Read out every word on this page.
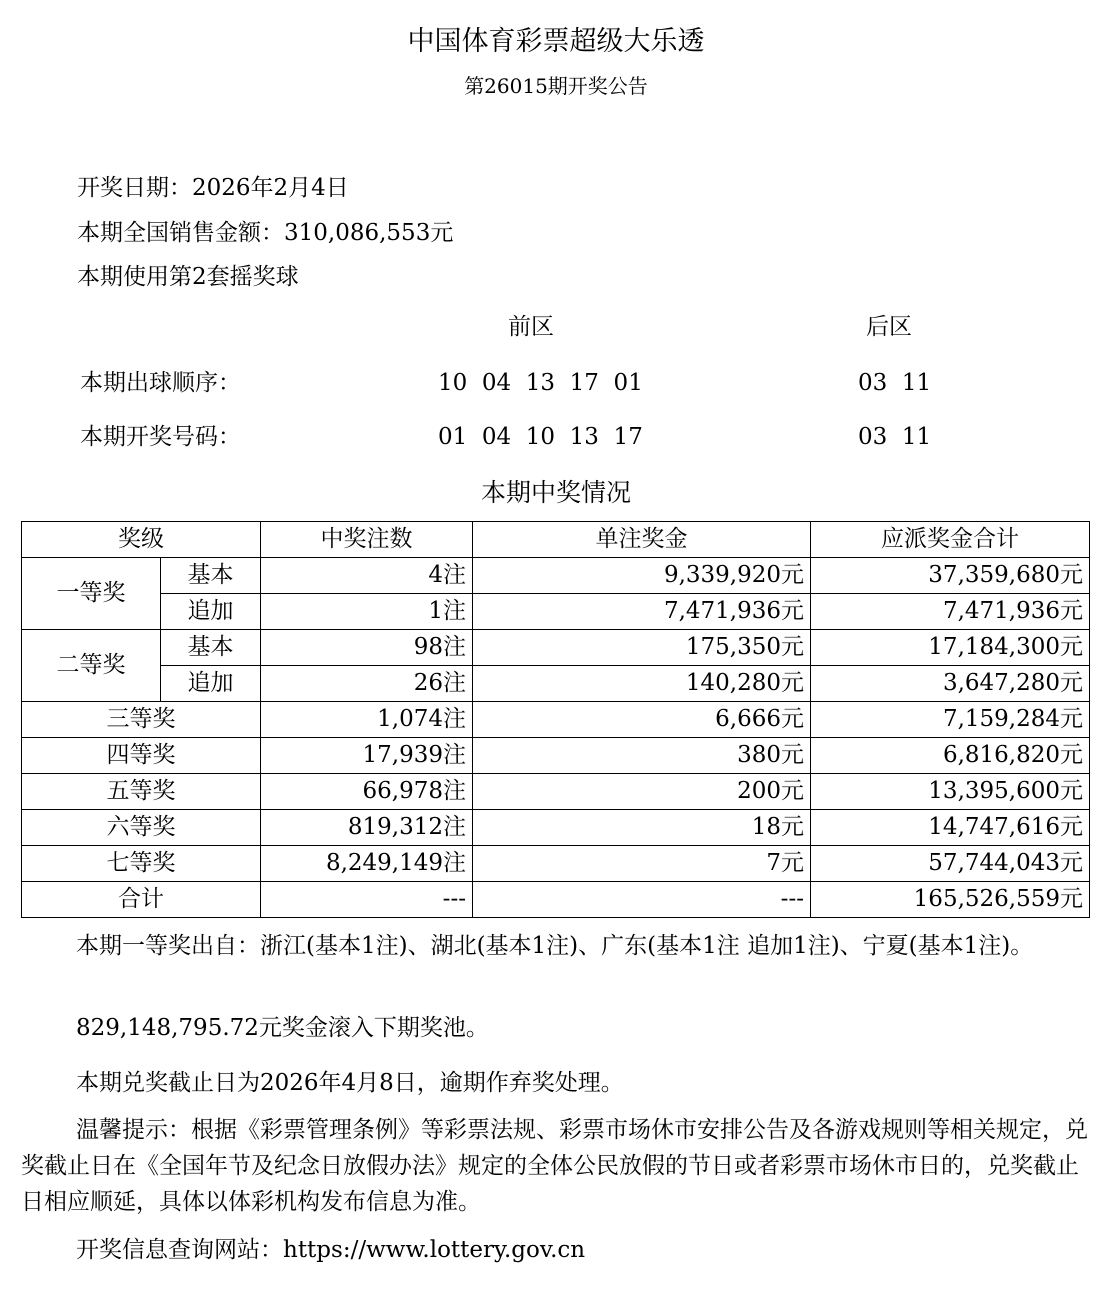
中国体育彩票超级大乐透
第26015期开奖公告
开奖日期：2026年2月4日
本期全国销售金额：310,086,553元
本期使用第2套摇奖球
前区	后区
本期出球顺序：	10  04  13  17  01	03  11
本期开奖号码：	01  04  10  13  17	03  11
本期中奖情况
奖级		中奖注数	单注奖金	应派奖金合计
一等奖	基本	4注	9,339,920元	37,359,680元
	追加	1注	7,471,936元	7,471,936元
二等奖	基本	98注	175,350元	17,184,300元
	追加	26注	140,280元	3,647,280元
三等奖		1,074注	6,666元	7,159,284元
四等奖		17,939注	380元	6,816,820元
五等奖		66,978注	200元	13,395,600元
六等奖		819,312注	18元	14,747,616元
七等奖		8,249,149注	7元	57,744,043元
合计		---	---	165,526,559元
本期一等奖出自：浙江(基本1注)、湖北(基本1注)、广东(基本1注 追加1注)、宁夏(基本1注)。
829,148,795.72元奖金滚入下期奖池。
本期兑奖截止日为2026年4月8日，逾期作弃奖处理。
温馨提示：根据《彩票管理条例》等彩票法规、彩票市场休市安排公告及各游戏规则等相关规定，兑奖截止日在《全国年节及纪念日放假办法》规定的全体公民放假的节日或者彩票市场休市日的，兑奖截止日相应顺延，具体以体彩机构发布信息为准。
开奖信息查询网站：https://www.lottery.gov.cn
